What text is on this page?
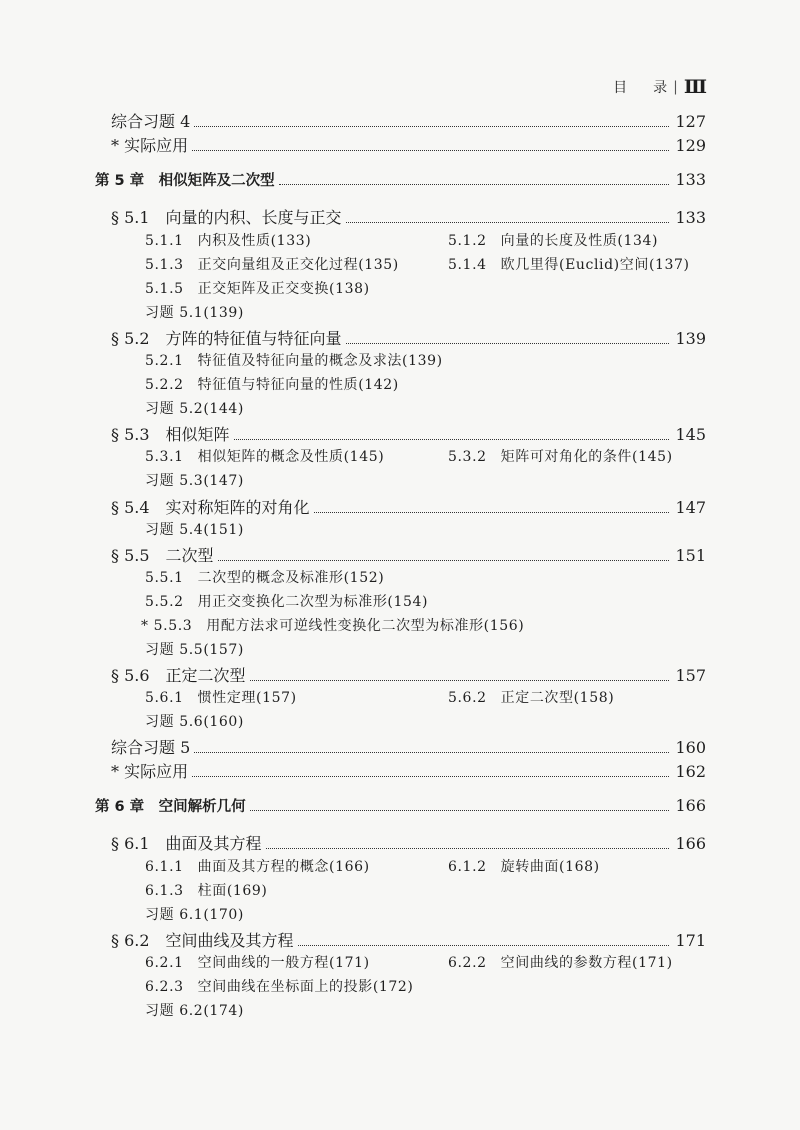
目 录 | Ⅲ
综合习题 4	127
* 实际应用	129
第 5 章　相似矩阵及二次型	133
§ 5.1　向量的内积、长度与正交	133
5.1.1 内积及性质(133)	5.1.2 向量的长度及性质(134)
5.1.3 正交向量组及正交化过程(135)	5.1.4 欧几里得(Euclid)空间(137)
5.1.5 正交矩阵及正交变换(138)
习题 5.1(139)
§ 5.2　方阵的特征值与特征向量	139
5.2.1 特征值及特征向量的概念及求法(139)
5.2.2 特征值与特征向量的性质(142)
习题 5.2(144)
§ 5.3　相似矩阵	145
5.3.1 相似矩阵的概念及性质(145)	5.3.2 矩阵可对角化的条件(145)
习题 5.3(147)
§ 5.4　实对称矩阵的对角化	147
习题 5.4(151)
§ 5.5　二次型	151
5.5.1 二次型的概念及标准形(152)
5.5.2 用正交变换化二次型为标准形(154)
* 5.5.3 用配方法求可逆线性变换化二次型为标准形(156)
习题 5.5(157)
§ 5.6　正定二次型	157
5.6.1 惯性定理(157)	5.6.2 正定二次型(158)
习题 5.6(160)
综合习题 5	160
* 实际应用	162
第 6 章　空间解析几何	166
§ 6.1　曲面及其方程	166
6.1.1 曲面及其方程的概念(166)	6.1.2 旋转曲面(168)
6.1.3 柱面(169)
习题 6.1(170)
§ 6.2　空间曲线及其方程	171
6.2.1 空间曲线的一般方程(171)	6.2.2 空间曲线的参数方程(171)
6.2.3 空间曲线在坐标面上的投影(172)
习题 6.2(174)
